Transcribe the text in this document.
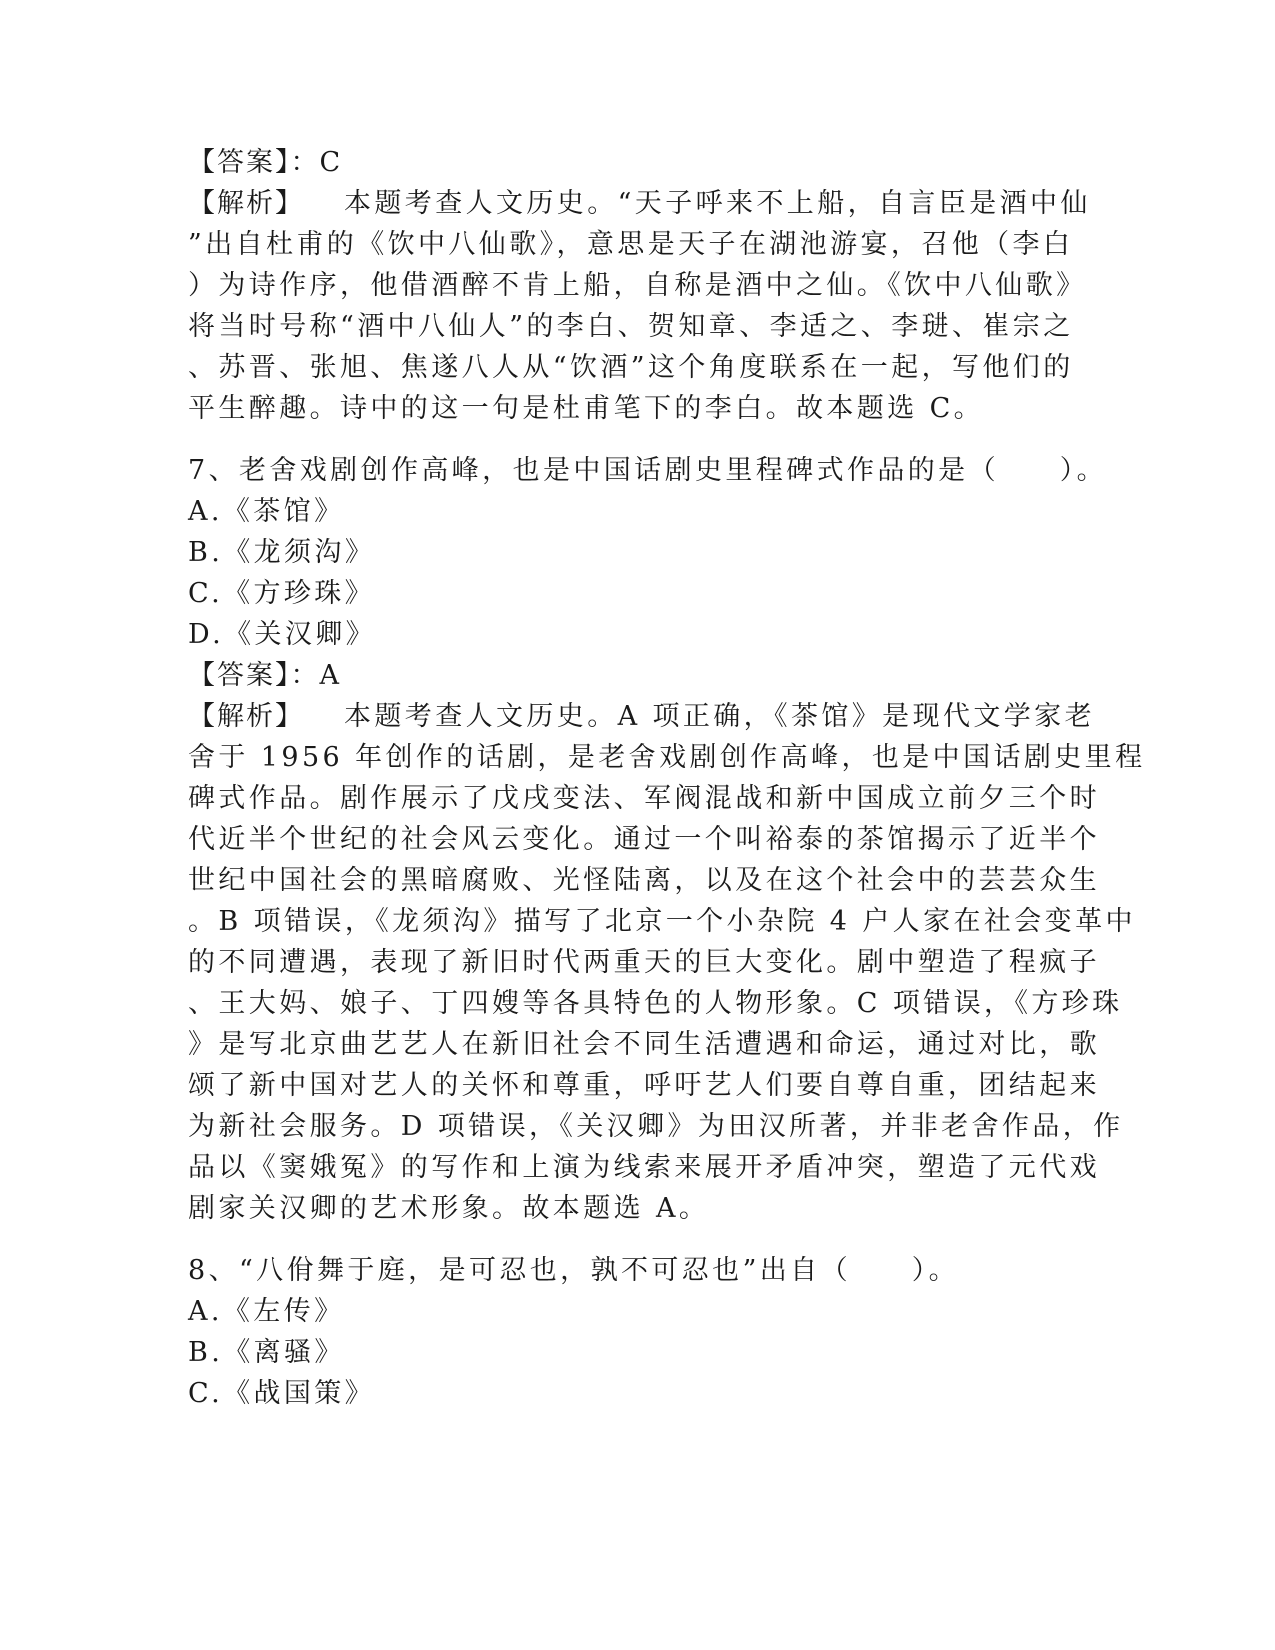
【答案】：C
【解析】 本题考查人文历史。“天子呼来不上船，自言臣是酒中仙
”出自杜甫的《饮中八仙歌》，意思是天子在湖池游宴，召他（李白
）为诗作序，他借酒醉不肯上船，自称是酒中之仙。《饮中八仙歌》
将当时号称“酒中八仙人”的李白、贺知章、李适之、李琎、崔宗之
、苏晋、张旭、焦遂八人从“饮酒”这个角度联系在一起，写他们的
平生醉趣。诗中的这一句是杜甫笔下的李白。故本题选 C。
7、老舍戏剧创作高峰，也是中国话剧史里程碑式作品的是（　　）。
A.《茶馆》
B.《龙须沟》
C.《方珍珠》
D.《关汉卿》
【答案】：A
【解析】 本题考查人文历史。A 项正确，《茶馆》是现代文学家老
舍于 1956 年创作的话剧，是老舍戏剧创作高峰，也是中国话剧史里程
碑式作品。剧作展示了戊戌变法、军阀混战和新中国成立前夕三个时
代近半个世纪的社会风云变化。通过一个叫裕泰的茶馆揭示了近半个
世纪中国社会的黑暗腐败、光怪陆离，以及在这个社会中的芸芸众生
。B 项错误，《龙须沟》描写了北京一个小杂院 4 户人家在社会变革中
的不同遭遇，表现了新旧时代两重天的巨大变化。剧中塑造了程疯子
、王大妈、娘子、丁四嫂等各具特色的人物形象。C 项错误，《方珍珠
》是写北京曲艺艺人在新旧社会不同生活遭遇和命运，通过对比，歌
颂了新中国对艺人的关怀和尊重，呼吁艺人们要自尊自重，团结起来
为新社会服务。D 项错误，《关汉卿》为田汉所著，并非老舍作品，作
品以《窦娥冤》的写作和上演为线索来展开矛盾冲突，塑造了元代戏
剧家关汉卿的艺术形象。故本题选 A。
8、“八佾舞于庭，是可忍也，孰不可忍也”出自（　　）。
A.《左传》
B.《离骚》
C.《战国策》
